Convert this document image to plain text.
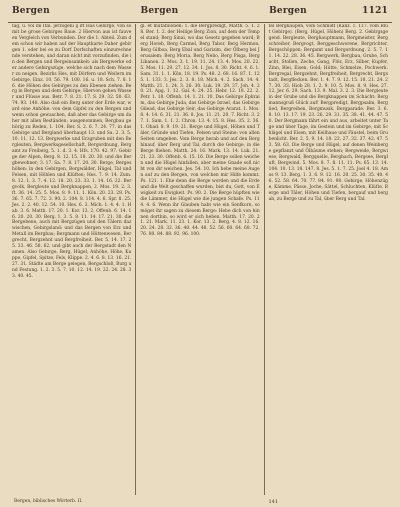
Bergen	Bergen	Bergen      	1121
tag, u. vol im Ital. jerzogeni ij ift Has Gebirge, von so mit be grose Gebirges Baue. 2 Hiervon aus ist fauve en Vergleich von Verbunden. Der die 1. Abteil. Zum dem schon wir haben auf der Hauptkarte Daher gebirgen 1. oder bei es zu Dorf Dorfschaften einzurechnende verstehen, und daran nicht mit vorzufinden, die in den Bergen und Bergeinsamkeit: als Bergwerke oder andere Gebirgszüge, welche sich nach dem Wasser zu neigen. Bezirks Hes, mit Dörfern und Weilern im Gebirge, Einz. 10. 56. 79. 100. 16. u. 18. Sch. 7. 8. 16. die Höhen des Gebirges zu den Ebenen ziehen. Berg in Bergen und dem Gebirge; Hiervon gehen Wasser und Flüsse aus. Betr. 7. 8. 21. 17. S. 29. 32. 50. 63. 74. 93. 140. Also daß ein Berg unter der Erde war, ward eine Anhöhe: von dem Gipfel zu den Bergen und wenn schon gewaschen, daß aber das Gebirge um daher mit allen Beständen; ausgenommen, Bergbau gehörig zu Reden, 1. 104. Ber. S. 2. 6. 7. 24. 77. in das Gebirge und Bergland überhaupt 13. und Sa. 2. 3. 5. 10. 11. 12. 13. Bergwerke und Erzgruben mit den Bergleuten, Bergwerksgesellschaft, Bergordnung, Bergamt zu Freiberg, 5. 1. d. 3. 4. Hfs. 170. 42. 97. Gebirge der Alpen, Berg. 8. 12. 15. 18. 20. 30. und die Bergbewohner; 3. 17. Sa. 7. 8. 17. 20. 30. Berge, Bergeshöhen: in den Gebirgen, Bergwälder, Hügel, Tal und Felsen, mit Höhlen und Klüften; Hes. 7. 9. 14. Zum. 8. 12. 1. 3. 7. 4. 12. 18. 20. 23. 33. 1. 14. 16. 22. Bergvolk, Bergleute und Bergknappen, 2. Mos. 19. 2. 3. ft. 36. 14. 25. 5. Mos. 8. 9. 11. 1. Kön. 20. 23. 28. Ps. 36. 7. 65. 7. 72. 3. 90. 2. 104. 8. 114. 4. 6. Spr. 8. 25. Jes. 2. 2. 40. 12. 54. 10. Hes. 6. 3. Mich. 1. 4. 4. 1. Hab. 3. 6. Matth. 17. 20. 1. Kor. 13. 2. Offenb. 6. 14. 16. 20. 20. 30. Berg. 1. 3. 5. 8. 11. 14. 17. 21. 30. die Bergebene, auch mit Bergzügen und den Tälern dazwischen, Gebirgsland: und das Bergen von Erz und Metall im Bergbau; Bergmann und Hüttenwesen, Bergrecht, Bergzehnt und Bergfreiheit. Ber. 5. 14. 17. 25. 33. 46. 58. 62. und gibt auch der Bergstadt den Namen. Also Gebirge, Berg, Hügel, Anhöhe, Höhe, Kuppe, Gipfel, Spitze, Fels, Klippe. 2. 4. 6. 8. 13. 16. 21. 27. 31. Städte am Berge gelegen, Bergschloß, Burg und Festung. 1. 2. 3. 5. 7. 10. 12. 14. 19. 22. 24. 28. 33. 40. 45.
gl. et mutafiiionen: 1. die Bergpredigt, Matth. 5. 1. 28. Ber. 1. 2. der Heilige Berg Zion, auf dem der Tempel stand; Berg Sinai, wo das Gesetz gegeben ward; Berg Horeb, Berg Carmel, Berg Tabor, Berg Hermon, Berg Gilboa, Berg Ebal und Garizim, der Ölberg bei Jerusalem; Berg Moria, Berg Nebo, Berg Pisga, Berg Libanon. 2. Mos. 3. 1. 19. 11. 24. 13. 4. Mos. 20. 22. 5. Mos. 11. 29. 27. 12. 34. 1. Jos. 8. 30. Richt. 4. 6. 1. Sam. 31. 1. 1. Kön. 18. 19. Ps. 48. 2. 68. 16. 87. 1. 125. 1. 133. 3. Jes. 2. 3. 8. 18. Mich. 4. 2. Sach. 14. 4. Matth. 21. 1. 24. 3. 26. 30. Luk. 19. 29. 37. Joh. 4. 20. 21. Apg. 1. 12. Gal. 4. 24. 25. Hebr. 12. 18. 22. 2. Petr. 1. 18. Offenb. 14. 1. 21. 10. Das Gebirge Ephraim, das Gebirge Juda, das Gebirge Israel, das Gebirge Gilead, das Gebirge Seir, das Gebirge Ararat. 1. Mos. 8. 4. 14. 6. 31. 21. 36. 8. Jos. 11. 21. 20. 7. Richt. 3. 27. 1. Sam. 1. 1. 2. Chron. 13. 4. 15. 8. Hes. 35. 2. 36. 1. Obad. 8. 9. 19. 21. Berge und Hügel, Höhen und Täler, Gründe und Tiefen, Felsen und Steine: von allen Seiten umgeben. Vom Berge herab und auf den Berg hinauf, über Berg und Tal, durch die Gebirge, in die Berge fliehen. Matth. 24. 16. Mark. 13. 14. Luk. 21. 21. 23. 30. Offenb. 6. 15. 16. Die Berge sollen weichen und die Hügel hinfallen, aber meine Gnade soll nicht von dir weichen. Jes. 54. 10. Ich hebe meine Augen auf zu den Bergen, von welchen mir Hilfe kommt. Ps. 121. 1. Ehe denn die Berge worden und die Erde und die Welt geschaffen wurden, bist du, Gott, von Ewigkeit zu Ewigkeit. Ps. 90. 2. Die Berge hüpften wie die Lämmer, die Hügel wie die jungen Schafe. Ps. 114. 4. 6. Wenn ihr Glauben habt wie ein Senfkorn, so möget ihr sagen zu diesem Berge: Hebe dich von hinnen dorthin, so wird er sich heben. Matth. 17. 20. 21. 21. Mark. 11. 23. 1. Kor. 13. 2. Berg. 4. 8. 12. 16. 20. 24. 28. 32. 36. 40. 44. 48. 52. 56. 60. 64. 68. 72. 76. 80. 84. 88. 92. 96. 100.
tel Bergkaupen, vom Schmidt (Kanz. 1. 117. vom Blut Gebirge). (Berg, Hügel, Höhen) Berg. 2. Gebirgsgegend. Bergleute, Berghauptmann, Bergmeister, Bergschreiber, Bergvogt, Berggeschworene, Bergrichter, Bergschöppen; Bergamt und Bergordnung. 2. 5. 7. 11. 14. 22. 28. 36. 45. Bergwerk, Bergbau, Grube, Schacht, Stollen, Zeche, Gang, Flöz, Erz, Silber, Kupfer, Zinn, Blei, Eisen, Gold; Hütte, Schmelze, Pochwerk. Bergregal, Bergzehnt, Bergfreiheit, Bergrecht, Bergstadt, Bergflecken. Ber. 1. 4. 7. 9. 12. 15. 18. 21. 24. 27. 30. 33. Hiob 28. 1. 2. 9. 10. 5. Mos. 8. 9. Hes. 27. 12. Jer. 6. 29. Sach. 13. 9. Mal. 3. 2. 3. Die Bergleute in der Grube und die Bergknappen im Schacht: Bergmannsgruß Glück auf! Bergpredigt, Bergpsalm, Berglied, Bergreihen, Bergmusik, Bergparade. Ber. 3. 6. 8. 10. 13. 17. 19. 23. 26. 29. 31. 35. 38. 41. 44. 47. 50. Der Bergmann fährt ein und aus, arbeitet unter Tage und über Tage, im Gestein und im Gebirge, mit Schlägel und Eisen, mit Keilhaue und Fäustel, beim Grubenlicht. Ber. 2. 5. 9. 14. 18. 22. 27. 32. 37. 42. 47. 53. 58. 63. Die Berge und Hügel, auf denen Weinberge gepflanzt und Ölbäume stehen; Bergweide, Bergwiese, Bergwald, Bergquelle, Bergbach, Bergsee, Bergluft, Bergwind. 5. Mos. 8. 7. 8. 11. 11. Ps. 65. 13. 14. 104. 10. 13. 18. 147. 8. Jes. 5. 1. 7. 25. Joel 4. 18. Amos 9. 13. Berg. 1. 3. 6. 9. 12. 16. 20. 25. 30. 35. 40. 46. 52. 58. 64. 70. 77. 84. 91. 98. Gebirge, Höhenzüge, Kämme, Pässe, Joche, Sättel, Schluchten, Klüfte. Berge und Täler, Höhen und Tiefen, bergauf und bergab, zu Berge und zu Tal, über Berg und Tal.
Bergen, biblisches Wörterb. II.	141
